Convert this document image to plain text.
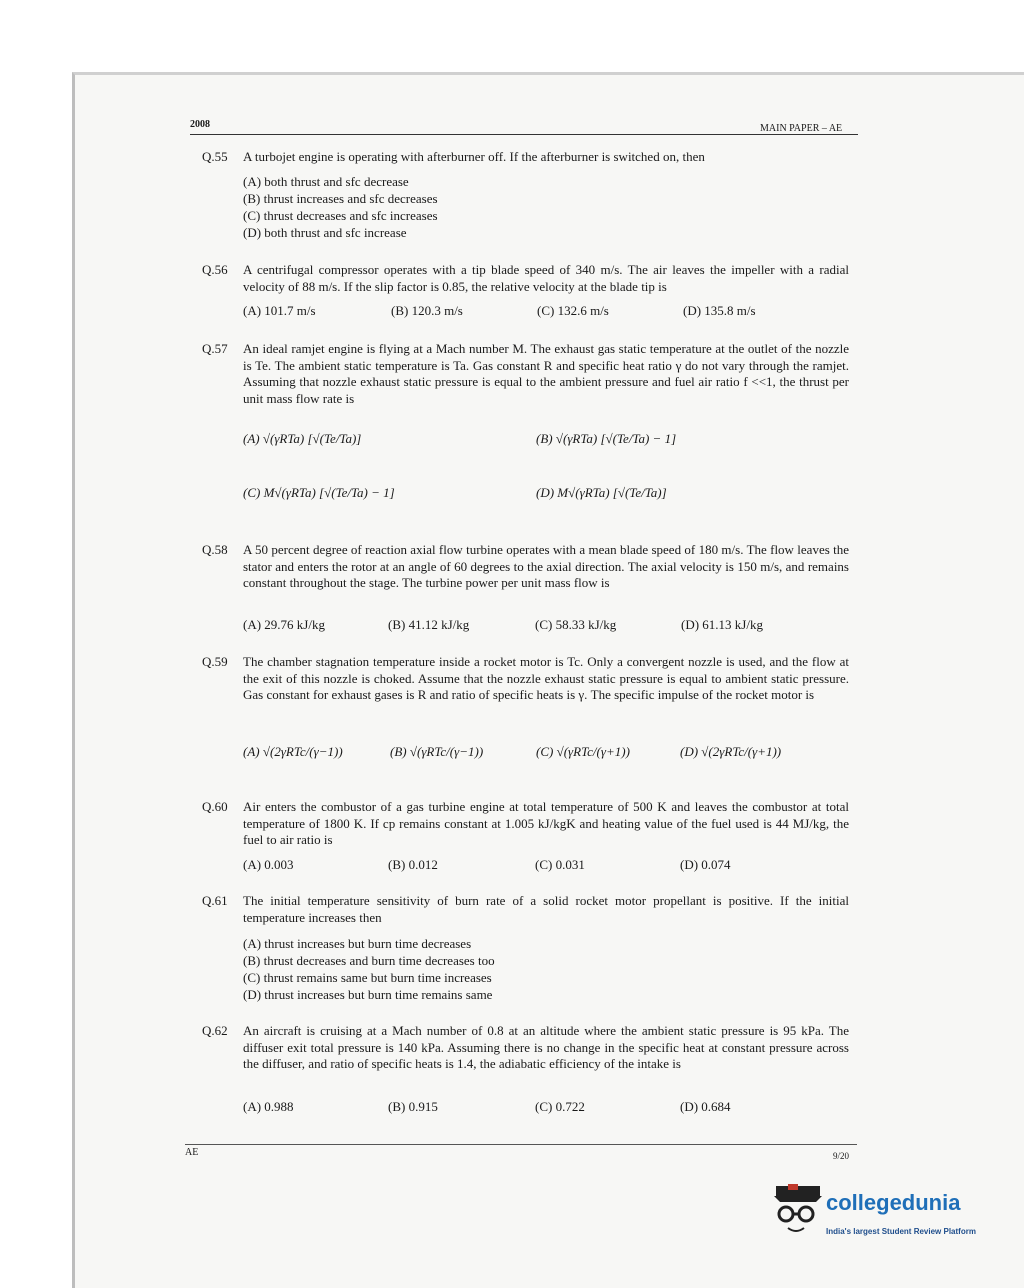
2008	MAIN PAPER – AE
Q.55 A turbojet engine is operating with afterburner off. If the afterburner is switched on, then
(A) both thrust and sfc decrease
(B) thrust increases and sfc decreases
(C) thrust decreases and sfc increases
(D) both thrust and sfc increase
Q.56 A centrifugal compressor operates with a tip blade speed of 340 m/s. The air leaves the impeller with a radial velocity of 88 m/s. If the slip factor is 0.85, the relative velocity at the blade tip is
(A) 101.7 m/s	(B) 120.3 m/s	(C) 132.6 m/s	(D) 135.8 m/s
Q.57 An ideal ramjet engine is flying at a Mach number M. The exhaust gas static temperature at the outlet of the nozzle is Te. The ambient static temperature is Ta. Gas constant R and specific heat ratio γ do not vary through the ramjet. Assuming that nozzle exhaust static pressure is equal to the ambient pressure and fuel air ratio f <<1, the thrust per unit mass flow rate is
(A) √(γRTa) [√(Te/Ta)]	(B) √(γRTa) [√(Te/Ta) − 1]
(C) M√(γRTa) [√(Te/Ta) − 1]	(D) M√(γRTa) [√(Te/Ta)]
Q.58 A 50 percent degree of reaction axial flow turbine operates with a mean blade speed of 180 m/s. The flow leaves the stator and enters the rotor at an angle of 60 degrees to the axial direction. The axial velocity is 150 m/s, and remains constant throughout the stage. The turbine power per unit mass flow is
(A) 29.76 kJ/kg	(B) 41.12 kJ/kg	(C) 58.33 kJ/kg	(D) 61.13 kJ/kg
Q.59 The chamber stagnation temperature inside a rocket motor is Tc. Only a convergent nozzle is used, and the flow at the exit of this nozzle is choked. Assume that the nozzle exhaust static pressure is equal to ambient static pressure. Gas constant for exhaust gases is R and ratio of specific heats is γ. The specific impulse of the rocket motor is
(A) √(2γRTc/(γ−1))	(B) √(γRTc/(γ−1))	(C) √(γRTc/(γ+1))	(D) √(2γRTc/(γ+1))
Q.60 Air enters the combustor of a gas turbine engine at total temperature of 500 K and leaves the combustor at total temperature of 1800 K. If cp remains constant at 1.005 kJ/kgK and heating value of the fuel used is 44 MJ/kg, the fuel to air ratio is
(A) 0.003	(B) 0.012	(C) 0.031	(D) 0.074
Q.61 The initial temperature sensitivity of burn rate of a solid rocket motor propellant is positive. If the initial temperature increases then
(A) thrust increases but burn time decreases
(B) thrust decreases and burn time decreases too
(C) thrust remains same but burn time increases
(D) thrust increases but burn time remains same
Q.62 An aircraft is cruising at a Mach number of 0.8 at an altitude where the ambient static pressure is 95 kPa. The diffuser exit total pressure is 140 kPa. Assuming there is no change in the specific heat at constant pressure across the diffuser, and ratio of specific heats is 1.4, the adiabatic efficiency of the intake is
(A) 0.988	(B) 0.915	(C) 0.722	(D) 0.684
AE	9/20
collegedunia
India's largest Student Review Platform
